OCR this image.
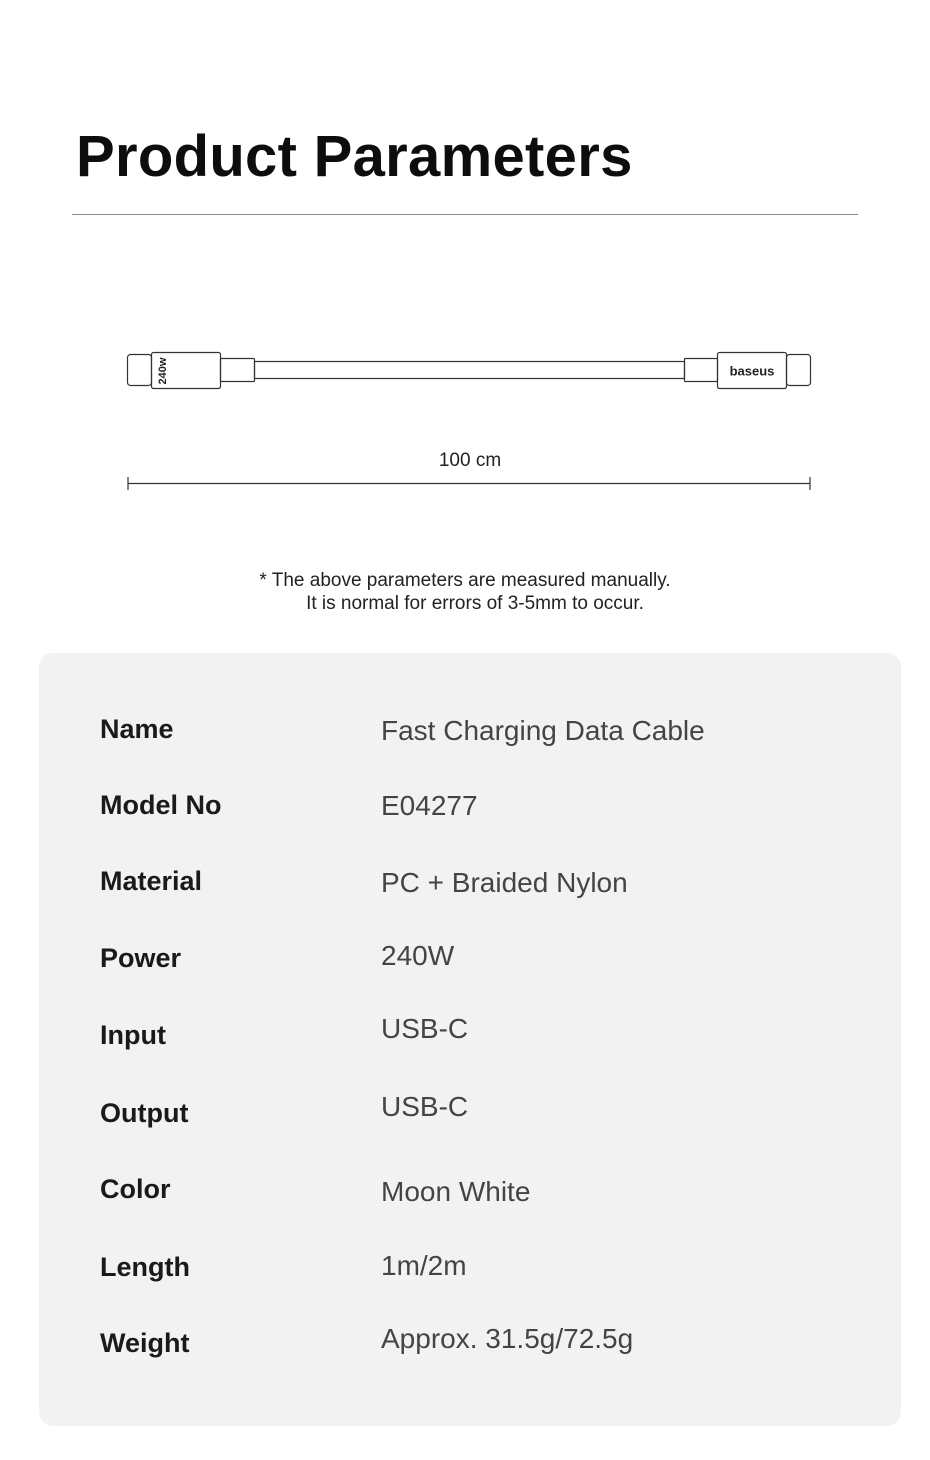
Product Parameters
240w	baseus
100 cm
* The above parameters are measured manually.
It is normal for errors of 3-5mm to occur.
Name	Fast Charging Data Cable
Model No	E04277
Material	PC + Braided Nylon
Power	240W
Input	USB-C
Output	USB-C
Color	Moon White
Length	1m/2m
Weight	Approx. 31.5g/72.5g
